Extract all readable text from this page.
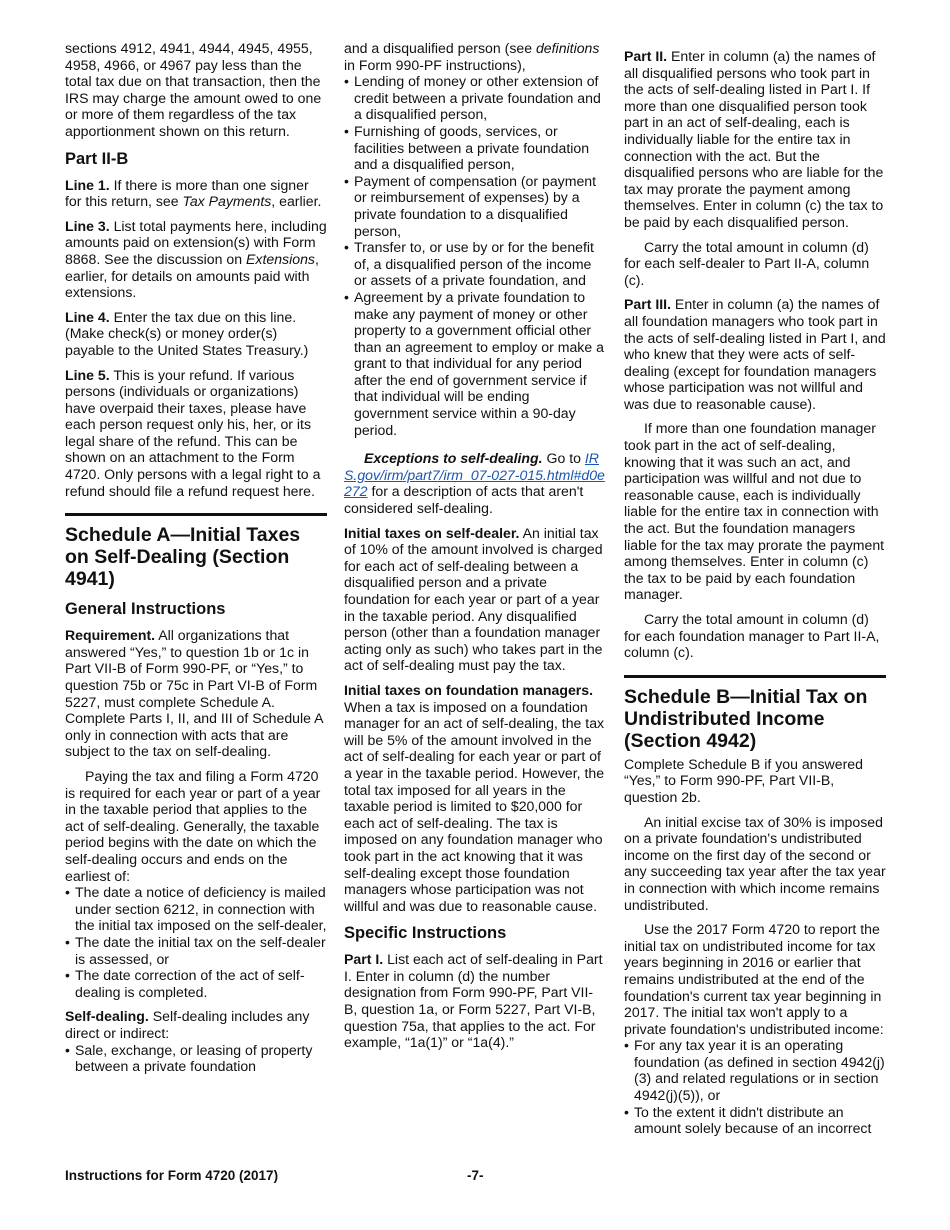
sections 4912, 4941, 4944, 4945, 4955, 4958, 4966, or 4967 pay less than the total tax due on that transaction, then the IRS may charge the amount owed to one or more of them regardless of the tax apportionment shown on this return.

Part II-B

Line 1. If there is more than one signer for this return, see Tax Payments, earlier.

Line 3. List total payments here, including amounts paid on extension(s) with Form 8868. See the discussion on Extensions, earlier, for details on amounts paid with extensions.

Line 4. Enter the tax due on this line. (Make check(s) or money order(s) payable to the United States Treasury.)

Line 5. This is your refund. If various persons (individuals or organizations) have overpaid their taxes, please have each person request only his, her, or its legal share of the refund. This can be shown on an attachment to the Form 4720. Only persons with a legal right to a refund should file a refund request here.

Schedule A—Initial Taxes on Self-Dealing (Section 4941)
General Instructions

Requirement. All organizations that answered “Yes,” to question 1b or 1c in Part VII-B of Form 990-PF, or “Yes,” to question 75b or 75c in Part VI-B of Form 5227, must complete Schedule A. Complete Parts I, II, and III of Schedule A only in connection with acts that are subject to the tax on self-dealing.

Paying the tax and filing a Form 4720 is required for each year or part of a year in the taxable period that applies to the act of self-dealing. Generally, the taxable period begins with the date on which the self-dealing occurs and ends on the earliest of:

• The date a notice of deficiency is mailed under section 6212, in connection with the initial tax imposed on the self-dealer,

• The date the initial tax on the self-dealer is assessed, or

• The date correction of the act of self-dealing is completed.

Self-dealing. Self-dealing includes any direct or indirect:

• Sale, exchange, or leasing of property between a private foundation

and a disqualified person (see definitions in Form 990-PF instructions),

• Lending of money or other extension of credit between a private foundation and a disqualified person,

• Furnishing of goods, services, or facilities between a private foundation and a disqualified person,

• Payment of compensation (or payment or reimbursement of expenses) by a private foundation to a disqualified person,

• Transfer to, or use by or for the benefit of, a disqualified person of the income or assets of a private foundation, and

• Agreement by a private foundation to make any payment of money or other property to a government official other than an agreement to employ or make a grant to that individual for any period after the end of government service if that individual will be ending government service within a 90-day period.

Exceptions to self-dealing. Go to IRS.gov/irm/part7/irm_07-027-015.html#d0e272 for a description of acts that aren't considered self-dealing.

Initial taxes on self-dealer. An initial tax of 10% of the amount involved is charged for each act of self-dealing between a disqualified person and a private foundation for each year or part of a year in the taxable period. Any disqualified person (other than a foundation manager acting only as such) who takes part in the act of self-dealing must pay the tax.

Initial taxes on foundation managers. When a tax is imposed on a foundation manager for an act of self-dealing, the tax will be 5% of the amount involved in the act of self-dealing for each year or part of a year in the taxable period. However, the total tax imposed for all years in the taxable period is limited to $20,000 for each act of self-dealing. The tax is imposed on any foundation manager who took part in the act knowing that it was self-dealing except those foundation managers whose participation was not willful and was due to reasonable cause.

Specific Instructions

Part I. List each act of self-dealing in Part I. Enter in column (d) the number designation from Form 990-PF, Part VII-B, question 1a, or Form 5227, Part VI-B, question 75a, that applies to the act. For example, “1a(1)” or “1a(4).”

Part II. Enter in column (a) the names of all disqualified persons who took part in the acts of self-dealing listed in Part I. If more than one disqualified person took part in an act of self-dealing, each is individually liable for the entire tax in connection with the act. But the disqualified persons who are liable for the tax may prorate the payment among themselves. Enter in column (c) the tax to be paid by each disqualified person.

Carry the total amount in column (d) for each self-dealer to Part II-A, column (c).

Part III. Enter in column (a) the names of all foundation managers who took part in the acts of self-dealing listed in Part I, and who knew that they were acts of self-dealing (except for foundation managers whose participation was not willful and was due to reasonable cause).

If more than one foundation manager took part in the act of self-dealing, knowing that it was such an act, and participation was willful and not due to reasonable cause, each is individually liable for the entire tax in connection with the act. But the foundation managers liable for the tax may prorate the payment among themselves. Enter in column (c) the tax to be paid by each foundation manager.

Carry the total amount in column (d) for each foundation manager to Part II-A, column (c).

Schedule B—Initial Tax on Undistributed Income (Section 4942)

Complete Schedule B if you answered “Yes,” to Form 990-PF, Part VII-B, question 2b.

An initial excise tax of 30% is imposed on a private foundation's undistributed income on the first day of the second or any succeeding tax year after the tax year in connection with which income remains undistributed.

Use the 2017 Form 4720 to report the initial tax on undistributed income for tax years beginning in 2016 or earlier that remains undistributed at the end of the foundation's current tax year beginning in 2017. The initial tax won't apply to a private foundation's undistributed income:

• For any tax year it is an operating foundation (as defined in section 4942(j)(3) and related regulations or in section 4942(j)(5)), or

• To the extent it didn't distribute an amount solely because of an incorrect

Instructions for Form 4720 (2017)	-7-
